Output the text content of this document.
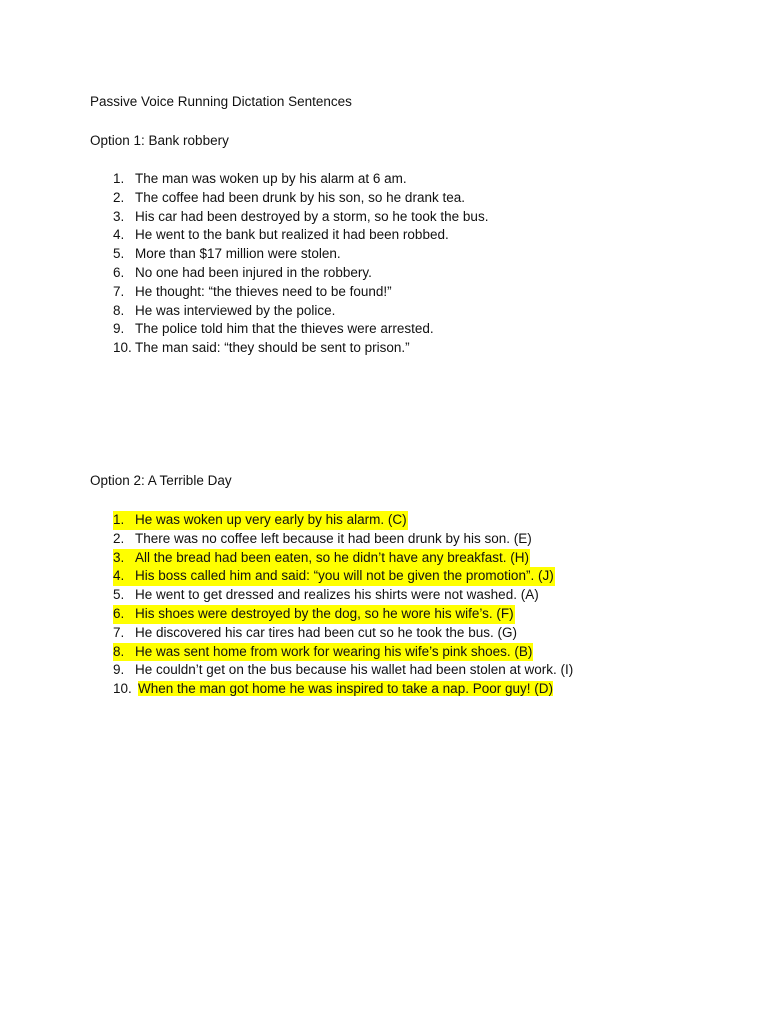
Passive Voice Running Dictation Sentences
Option 1: Bank robbery
1. The man was woken up by his alarm at 6 am.
2. The coffee had been drunk by his son, so he drank tea.
3. His car had been destroyed by a storm, so he took the bus.
4. He went to the bank but realized it had been robbed.
5. More than $17 million were stolen.
6. No one had been injured in the robbery.
7. He thought: “the thieves need to be found!”
8. He was interviewed by the police.
9. The police told him that the thieves were arrested.
10. The man said: “they should be sent to prison.”
Option 2: A Terrible Day
1. He was woken up very early by his alarm. (C)
2. There was no coffee left because it had been drunk by his son. (E)
3. All the bread had been eaten, so he didn’t have any breakfast. (H)
4. His boss called him and said: “you will not be given the promotion”. (J)
5. He went to get dressed and realizes his shirts were not washed. (A)
6. His shoes were destroyed by the dog, so he wore his wife’s. (F)
7. He discovered his car tires had been cut so he took the bus. (G)
8. He was sent home from work for wearing his wife’s pink shoes. (B)
9. He couldn’t get on the bus because his wallet had been stolen at work. (I)
10. When the man got home he was inspired to take a nap. Poor guy! (D)
